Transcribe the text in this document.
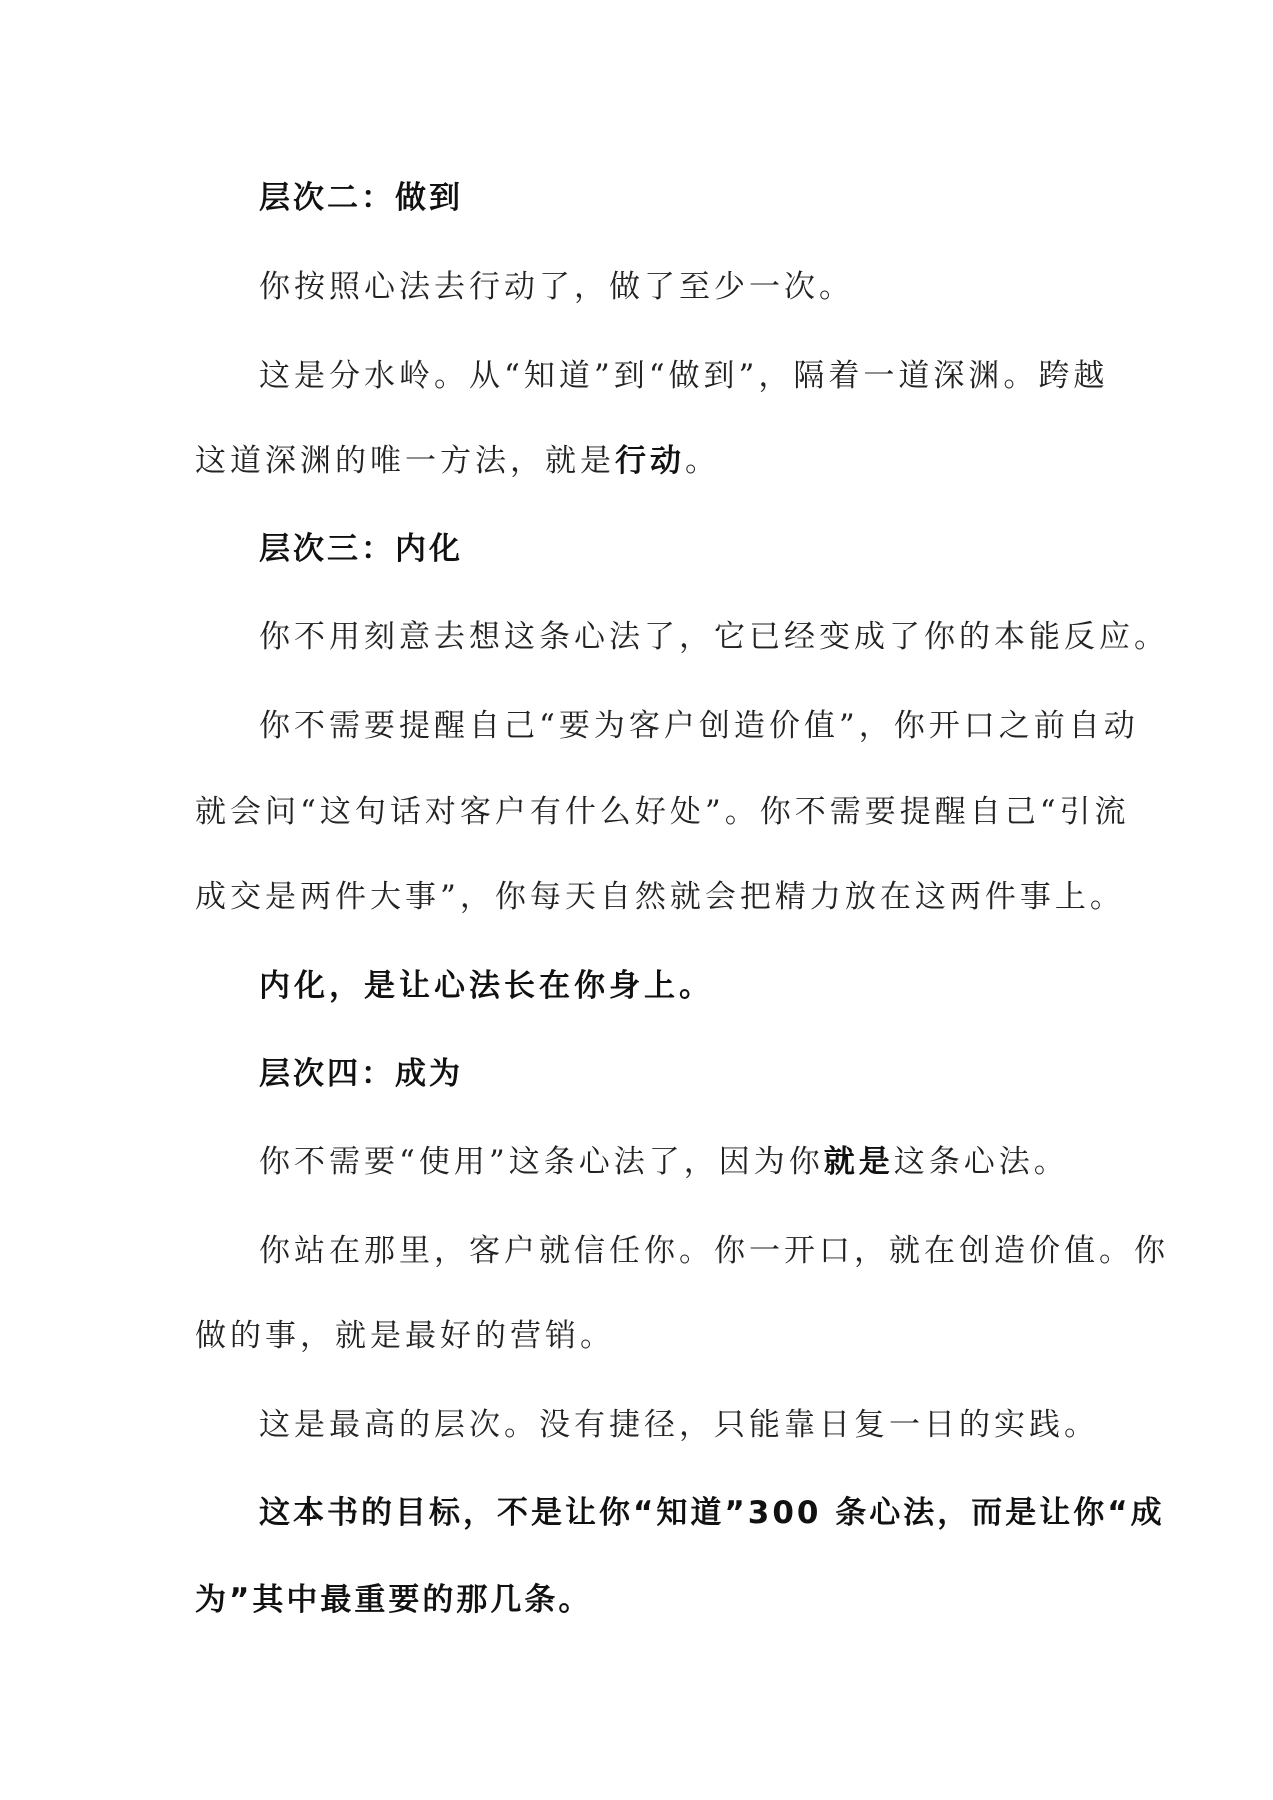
层次二：做到
你按照心法去行动了，做了至少一次。
这是分水岭。从“知道”到“做到”，隔着一道深渊。跨越
这道深渊的唯一方法，就是行动。
层次三：内化
你不用刻意去想这条心法了，它已经变成了你的本能反应。
你不需要提醒自己“要为客户创造价值”，你开口之前自动
就会问“这句话对客户有什么好处”。你不需要提醒自己“引流
成交是两件大事”，你每天自然就会把精力放在这两件事上。
内化，是让心法长在你身上。
层次四：成为
你不需要“使用”这条心法了，因为你就是这条心法。
你站在那里，客户就信任你。你一开口，就在创造价值。你
做的事，就是最好的营销。
这是最高的层次。没有捷径，只能靠日复一日的实践。
这本书的目标，不是让你“知道”300 条心法，而是让你“成
为”其中最重要的那几条。
